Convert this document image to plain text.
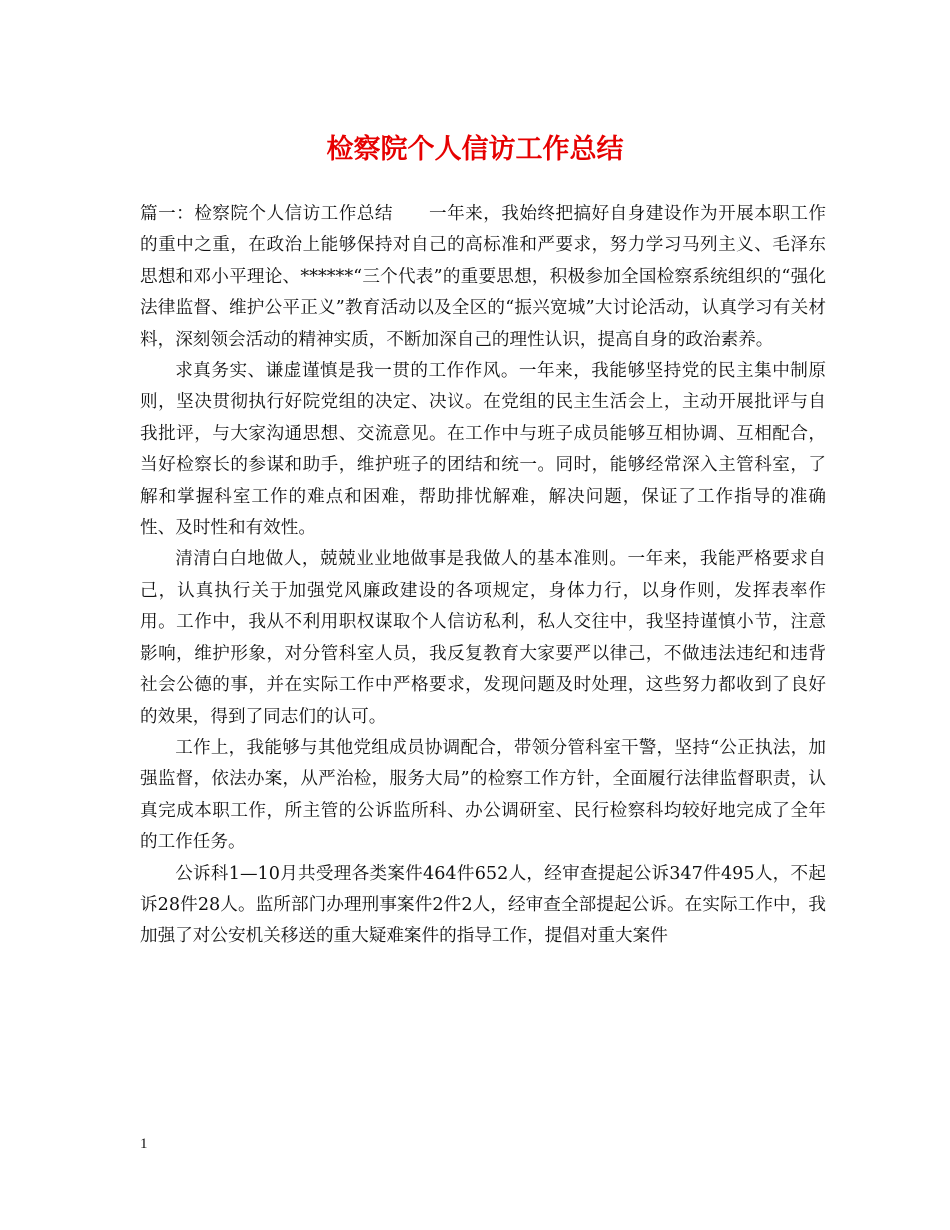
检察院个人信访工作总结

篇一：检察院个人信访工作总结　　一年来，我始终把搞好自身建设作为开展本职工作的重中之重，在政治上能够保持对自己的高标准和严要求，努力学习马列主义、毛泽东思想和邓小平理论、******“三个代表”的重要思想，积极参加全国检察系统组织的“强化法律监督、维护公平正义”教育活动以及全区的“振兴宽城”大讨论活动，认真学习有关材料，深刻领会活动的精神实质，不断加深自己的理性认识，提高自身的政治素养。

求真务实、谦虚谨慎是我一贯的工作作风。一年来，我能够坚持党的民主集中制原则，坚决贯彻执行好院党组的决定、决议。在党组的民主生活会上，主动开展批评与自我批评，与大家沟通思想、交流意见。在工作中与班子成员能够互相协调、互相配合，当好检察长的参谋和助手，维护班子的团结和统一。同时，能够经常深入主管科室，了解和掌握科室工作的难点和困难，帮助排忧解难，解决问题，保证了工作指导的准确性、及时性和有效性。

清清白白地做人，兢兢业业地做事是我做人的基本准则。一年来，我能严格要求自己，认真执行关于加强党风廉政建设的各项规定，身体力行，以身作则，发挥表率作用。工作中，我从不利用职权谋取个人信访私利，私人交往中，我坚持谨慎小节，注意影响，维护形象，对分管科室人员，我反复教育大家要严以律己，不做违法违纪和违背社会公德的事，并在实际工作中严格要求，发现问题及时处理，这些努力都收到了良好的效果，得到了同志们的认可。

工作上，我能够与其他党组成员协调配合，带领分管科室干警，坚持“公正执法，加强监督，依法办案，从严治检，服务大局”的检察工作方针，全面履行法律监督职责，认真完成本职工作，所主管的公诉监所科、办公调研室、民行检察科均较好地完成了全年的工作任务。

公诉科1—10月共受理各类案件464件652人，经审查提起公诉347件495人，不起诉28件28人。监所部门办理刑事案件2件2人，经审查全部提起公诉。在实际工作中，我加强了对公安机关移送的重大疑难案件的指导工作，提倡对重大案件

1
